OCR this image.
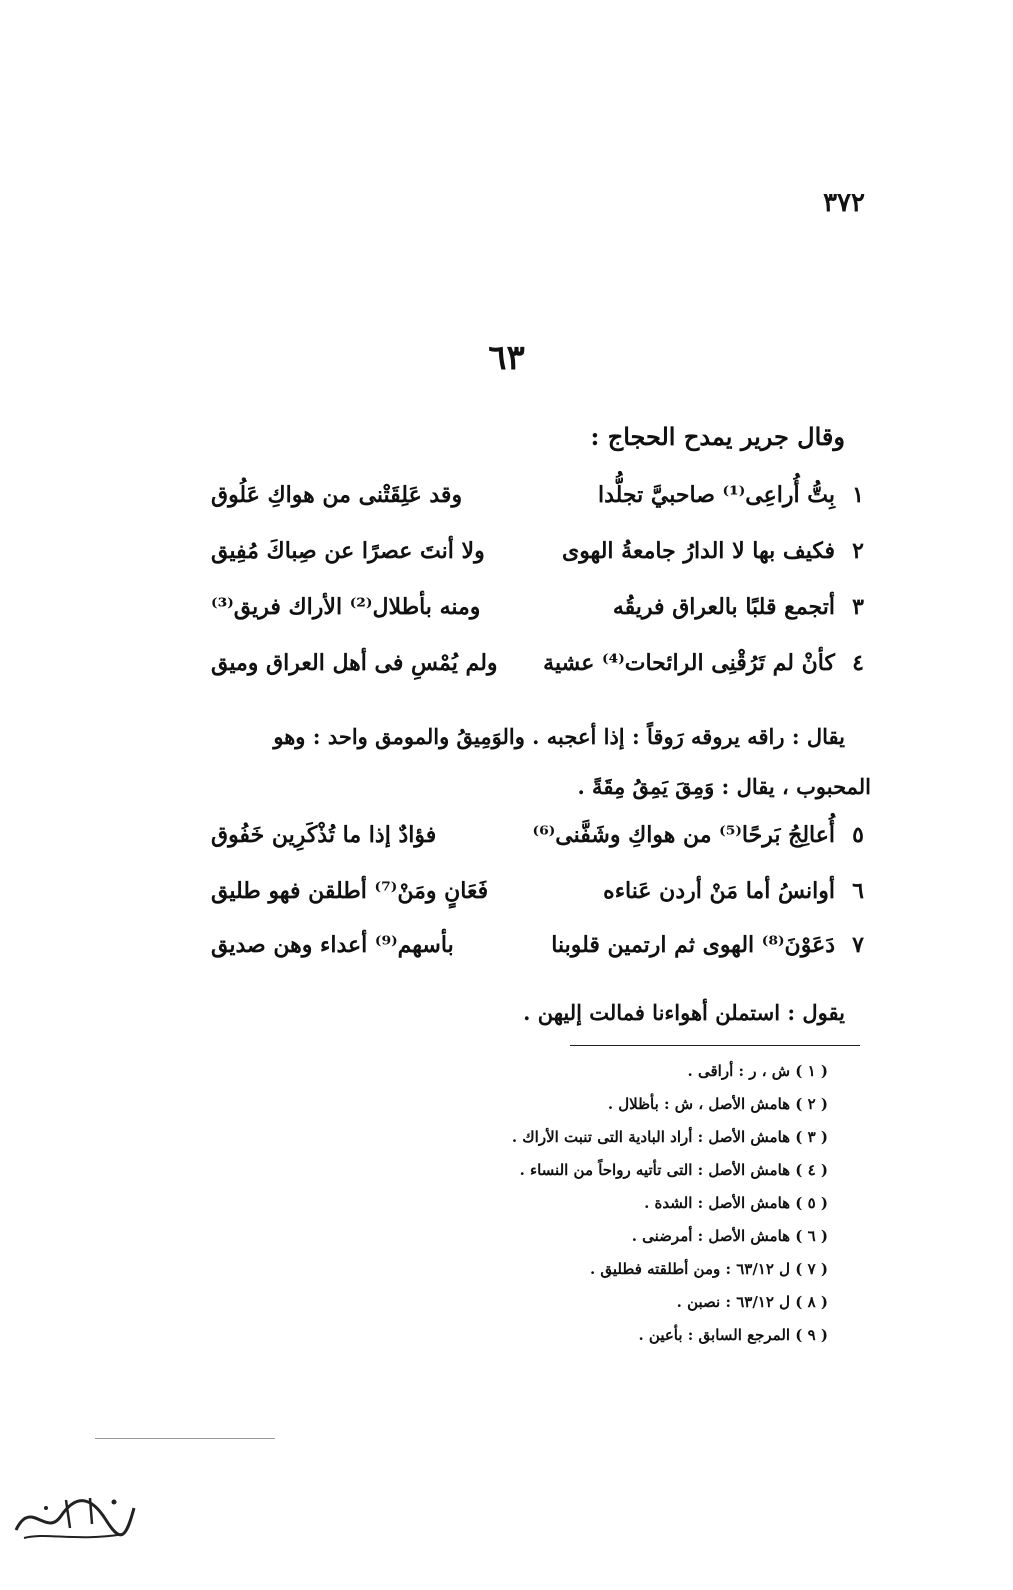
٣٧٢
٦٣
وقال جرير يمدح الحجاج :
١
بِتُّ أُراعِى⁽¹⁾ صاحبيَّ تجلُّدا
وقد عَلِقَتْنى من هواكِ عَلُوق
٢
فكيف بها لا الدارُ جامعةُ الهوى
ولا أنتَ عصرًا عن صِباكَ مُفِيق
٣
أتجمع قلبًا بالعراق فريقُه
ومنه بأطلال⁽²⁾ الأراك فريق⁽³⁾
٤
كأنْ لم تَرُقْنِى الرائحات⁽⁴⁾ عشية
ولم يُمْسِ فى أهل العراق وميق
يقال : راقه يروقه رَوقاً : إذا أعجبه . والوَمِيقُ والمومق واحد : وهو
المحبوب ، يقال : وَمِقَ يَمِقُ مِقَةً .
٥
أُعالِجُ بَرحًا⁽⁵⁾ من هواكِ وشَفَّنى⁽⁶⁾
فؤادٌ إذا ما تُذْكَرِين خَفُوق
٦
أوانسُ أما مَنْ أردن عَناءه
فَعَانٍ ومَنْ⁽⁷⁾ أطلقن فهو طليق
٧
دَعَوْنَ⁽⁸⁾ الهوى ثم ارتمين قلوبنا
بأسهم⁽⁹⁾ أعداء وهن صديق
يقول : استملن أهواءنا فمالت إليهن .
( ١ ) ش ، ر : أراقى .
( ٢ ) هامش الأصل ، ش : بأظلال .
( ٣ ) هامش الأصل : أراد البادية التى تنبت الأراك .
( ٤ ) هامش الأصل : التى تأتيه رواحاً من النساء .
( ٥ ) هامش الأصل : الشدة .
( ٦ ) هامش الأصل : أمرضنى .
( ٧ ) ل ٦٣/١٢ : ومن أطلقته فطليق .
( ٨ ) ل ٦٣/١٢ : نصبن .
( ٩ ) المرجع السابق : بأعين .
